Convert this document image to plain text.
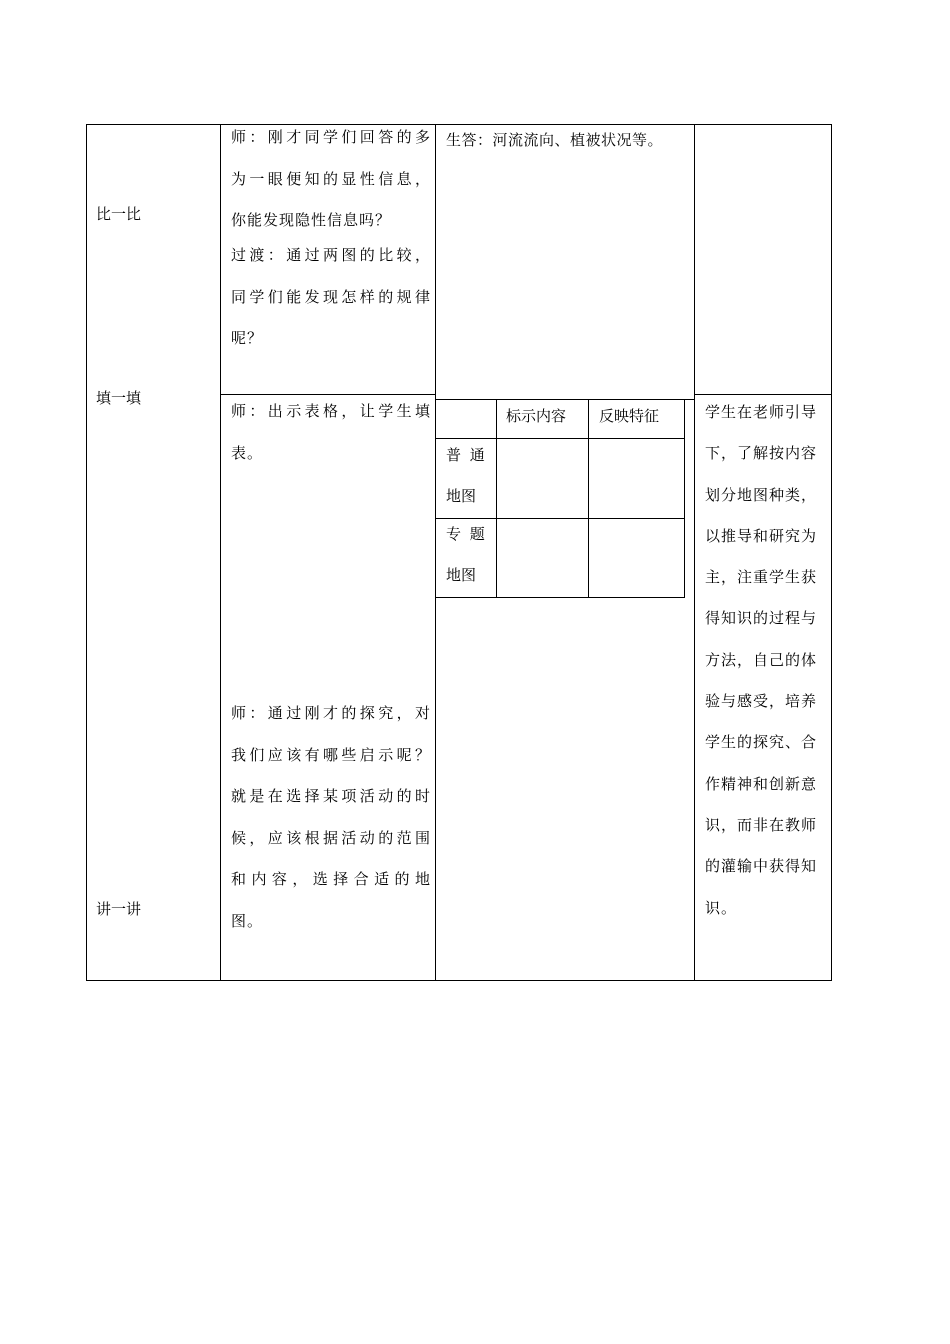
比一比
填一填
讲一讲
师：刚才同学们回答的多
为一眼便知的显性信息，
你能发现隐性信息吗？
过渡：通过两图的比较，
同学们能发现怎样的规律
呢？
师：出示表格，让学生填
表。
师：通过刚才的探究，对
我们应该有哪些启示呢？
就是在选择某项活动的时
候，应该根据活动的范围
和内容，选择合适的地
图。
生答：河流流向、植被状况等。
标示内容 反映特征
普 通
地图
专 题
地图
学生在老师引导
下，了解按内容
划分地图种类，
以推导和研究为
主，注重学生获
得知识的过程与
方法，自己的体
验与感受，培养
学生的探究、合
作精神和创新意
识，而非在教师
的灌输中获得知
识。
